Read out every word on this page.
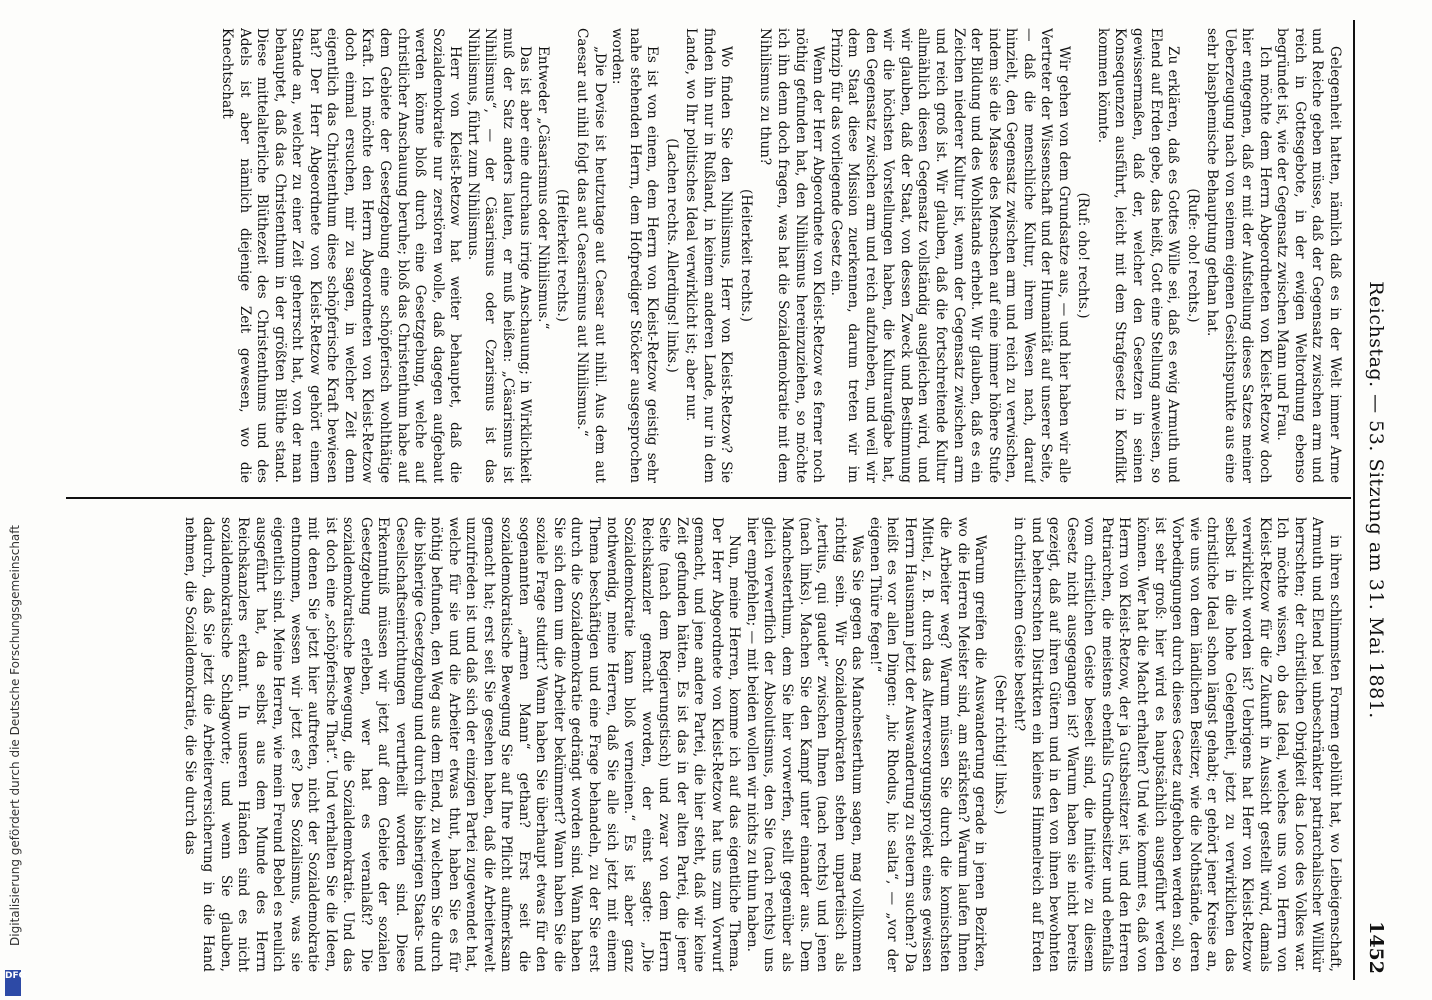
Digitalisierung gefördert durch die Deutsche Forschungsgemeinschaft
DFG
Reichstag. — 53. Sitzung am 31. Mai 1881.
1452

Gelegenheit hatten, nämlich daß es in der Welt immer Arme und Reiche geben müsse, daß der Gegensatz zwischen arm und reich in Gottesgebote, in der ewigen Weltordnung ebenso begründet ist, wie der Gegensatz zwischen Mann und Frau.

Ich möchte dem Herrn Abgeordneten von Kleist-Retzow doch hier entgegnen, daß er mit der Aufstellung dieses Satzes meiner Ueberzeugung nach von seinem eigenen Gesichtspunkte aus eine sehr blasphemische Behauptung gethan hat.

(Rufe: oho! rechts.)

Zu erklären, daß es Gottes Wille sei, daß es ewig Armuth und Elend auf Erden gebe, das heißt, Gott eine Stellung anweisen, so gewissermaßen, daß der, welcher den Gesetzen in seinen Konsequenzen ausführt, leicht mit dem Strafgesetz in Konflikt kommen könnte.

(Ruf: oho! rechts.)

Wir gehen von dem Grundsatze aus, — und hier haben wir alle Vertreter der Wissenschaft und der Humanität auf unserer Seite, — daß die menschliche Kultur, ihrem Wesen nach, darauf hinzielt, den Gegensatz zwischen arm und reich zu verwischen, indem sie die Masse des Menschen auf eine immer höhere Stufe der Bildung und des Wohlstands erhebt. Wir glauben, daß es ein Zeichen niederer Kultur ist, wenn der Gegensatz zwischen arm und reich groß ist. Wir glauben, daß die fortschreitende Kultur allmählich diesen Gegensatz vollständig ausgleichen wird, und wir glauben, daß der Staat, von dessen Zweck und Bestimmung wir die höchsten Vorstellungen haben, die Kulturaufgabe hat, den Gegensatz zwischen arm und reich aufzuheben, und weil wir dem Staat diese Mission zuerkennen, darum treten wir im Prinzip für das vorliegende Gesetz ein.

Wenn der Herr Abgeordnete von Kleist-Retzow es ferner noch nöthig gefunden hat, den Nihilismus hereinzuziehen, so möchte ich ihn denn doch fragen, was hat die Sozialdemokratie mit dem Nihilismus zu thun?

(Heiterkeit rechts.)

Wo finden Sie den Nihilismus, Herr von Kleist-Retzow? Sie finden ihn nur in Rußland, in keinem anderen Lande, nur in dem Lande, wo Ihr politisches Ideal verwirklicht ist; aber nur.

(Lachen rechts. Allerdings! links.)

Es ist von einem, dem Herrn von Kleist-Retzow geistig sehr nahe stehenden Herrn, dem Hofprediger Stöcker ausgesprochen worden:

„Die Devise ist heutzutage aut Caesar aut nihil. Aus dem aut Caesar aut nihil folgt das aut Caesarismus aut Nihilismus.“

(Heiterkeit rechts.)

Entweder „Cäsarismus oder Nihilismus.“

Das ist aber eine durchaus irrige Anschauung; in Wirklichkeit muß der Satz anders lauten, er muß heißen: „Cäsarismus ist Nihilismus“, — der Cäsarismus oder Czarismus ist das Nihilismus, führt zum Nihilismus.

Herr von Kleist-Retzow hat weiter behauptet, daß die Sozialdemokratie nur zerstören wolle, daß dagegen aufgebaut werden könne bloß durch eine Gesetzgebung, welche auf christlicher Anschauung beruhe; bloß das Christenthum habe auf dem Gebiete der Gesetzgebung eine schöpferisch wohlthätige Kraft. Ich möchte den Herrn Abgeordneten von Kleist-Retzow doch einmal ersuchen, mir zu sagen, in welcher Zeit denn eigentlich das Christenthum diese schöpferische Kraft bewiesen hat? Der Herr Abgeordnete von Kleist-Retzow gehört einem Stande an, welcher zu einer Zeit geherrscht hat, von der man behauptet, daß das Christenthum in der größten Blüthe stand. Diese mittelalterliche Blüthezeit des Christenthums und des Adels ist aber nämlich diejenige Zeit gewesen, wo die Knechtschaft

in ihren schlimmsten Formen geblüht hat, wo Leibeigenschaft, Armuth und Elend bei unbeschränkter patriarchalischer Willkür herrschten; der christlichen Obrigkeit das Loos des Volkes war. Ich möchte wissen, ob das Ideal, welches uns von Herrn von Kleist-Retzow für die Zukunft in Aussicht gestellt wird, damals verwirklicht worden ist? Uebrigens hat Herr von Kleist-Retzow selbst in die hohe Gelegenheit, jetzt zu verwirklichen das christliche Ideal schon längst gehabt; er gehört jener Kreise an, wie uns von dem ländlichen Besitzer, wie die Nothstände, deren Vorbedingungen durch dieses Gesetz aufgehoben werden soll, so ist sehr groß: hier wird es hauptsächlich ausgeführt werden können. Wer hat die Macht erhalten? Und wie kommt es, daß von Herrn von Kleist-Retzow, der ja Gutsbesitzer ist, und den Herren Patriarchen, die meistens ebenfalls Grundbesitzer und ebenfalls vom christlichen Geiste beseelt sind, die Initiative zu diesem Gesetz nicht ausgegangen ist? Warum haben sie nicht bereits gezeigt, daß auf ihren Gütern und in den von ihnen bewohnten und beherrschten Distrikten ein kleines Himmelreich auf Erden in christlichem Geiste besteht?

(Sehr richtig! links.)

Warum greifen die Auswanderung gerade in jenen Bezirken, wo die Herren Meister sind, am stärksten? Warum laufen Ihnen die Arbeiter weg? Warum müssen Sie durch die komischsten Mittel, z. B. durch das Alterversorgungsprojekt eines gewissen Herrn Hausmann jetzt der Auswanderung zu steuern suchen? Da heißt es vor allen Dingen: „hic Rhodus, hic salta“, — „vor der eigenen Thüre fegen!“

Was Sie gegen das Manchesterthum sagen, mag vollkommen richtig sein. Wir Sozialdemokraten stehen unparteiisch als „tertius, qui gaudet“ zwischen Ihnen (nach rechts) und jenen (nach links). Machen Sie den Kampf unter einander aus. Dem Manchesterthum, dem Sie hier vorwerfen, stellt gegenüber als gleich verwerflich der Absolutismus, den Sie (nach rechts) uns hier empfehlen; — mit beiden wollen wir nichts zu thun haben.

Nun, meine Herren, komme ich auf das eigentliche Thema. Der Herr Abgeordnete von Kleist-Retzow hat uns zum Vorwurf gemacht, und jene andere Partei, die hier steht, daß wir keine Zeit gefunden hätten. Es ist das in der alten Partei, die jener Seite (nach dem Regierungstisch) und zwar von dem Herrn Reichskanzler gemacht worden, der einst sagte: „Die Sozialdemokratie kann bloß verneinen.“ Es ist aber ganz nothwendig, meine Herren, daß Sie alle sich jetzt mit einem Thema beschäftigen und eine Frage behandeln, zu der Sie erst durch die Sozialdemokratie gedrängt worden sind. Wann haben Sie sich denn um die Arbeiter bekümmert? Wann haben Sie die soziale Frage studirt? Wann haben Sie überhaupt etwas für den sogenannten „armen Mann“ gethan? Erst seit die sozialdemokratische Bewegung Sie auf Ihre Pflicht aufmerksam gemacht hat; erst seit Sie gesehen haben, daß die Arbeiterwelt unzufrieden ist und daß sich der einzigen Partei zugewendet hat, welche für sie und die Arbeiter etwas thut, haben Sie es für nöthig befunden, den Weg aus dem Elend, zu welchem Sie durch die bisherige Gesetzgebung und durch die bisherigen Staats- und Gesellschaftseinrichtungen verurtheilt worden sind. Diese Erkenntniß müssen wir jetzt auf dem Gebiete der sozialen Gesetzgebung erleben, wer hat es veranlaßt? Die sozialdemokratische Bewegung, die Sozialdemokratie. Und das ist doch eine „schöpferische That“. Und verhalten Sie die Ideen, mit denen Sie jetzt hier auftreten, nicht der Sozialdemokratie entnommen, wessen wir jetzt es? Des Sozialismus, was sie eigentlich sind. Meine Herren, wie mein Freund Bebel es neulich ausgeführt hat, da selbst aus dem Munde des Herrn Reichskanzlers erkannt. In unseren Händen sind es nicht sozialdemokratische Schlagworte; und wenn Sie glauben, dadurch, daß Sie jetzt die Arbeiterversicherung in die Hand nehmen, die Sozialdemokratie, die Sie durch das
